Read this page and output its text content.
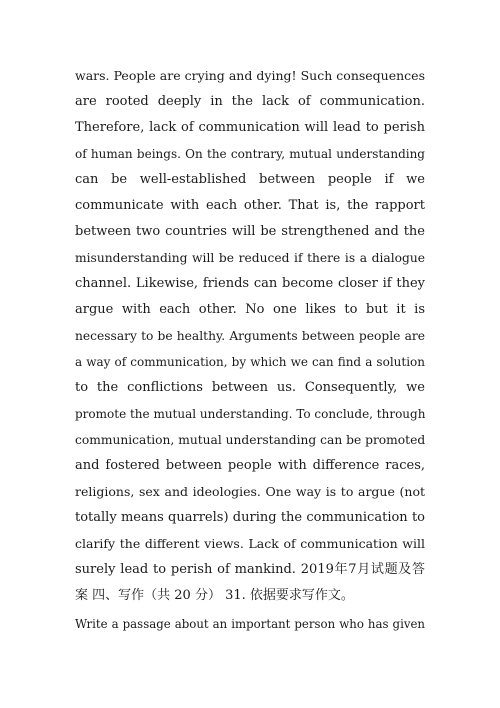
wars. People are crying and dying! Such consequences
are rooted deeply in the lack of communication.
Therefore, lack of communication will lead to perish
of human beings. On the contrary, mutual understanding
can be well-established between people if we
communicate with each other. That is, the rapport
between two countries will be strengthened and the
misunderstanding will be reduced if there is a dialogue
channel. Likewise, friends can become closer if they
argue with each other. No one likes to but it is
necessary to be healthy. Arguments between people are
a way of communication, by which we can find a solution
to the conflictions between us. Consequently, we
promote the mutual understanding. To conclude, through
communication, mutual understanding can be promoted
and fostered between people with difference races,
religions, sex and ideologies. One way is to argue (not
totally means quarrels) during the communication to
clarify the different views. Lack of communication will
surely lead to perish of mankind. 2019年7月试题及答
案 四、写作（共 20 分） 31. 依据要求写作文。
Write a passage about an important person who has given
